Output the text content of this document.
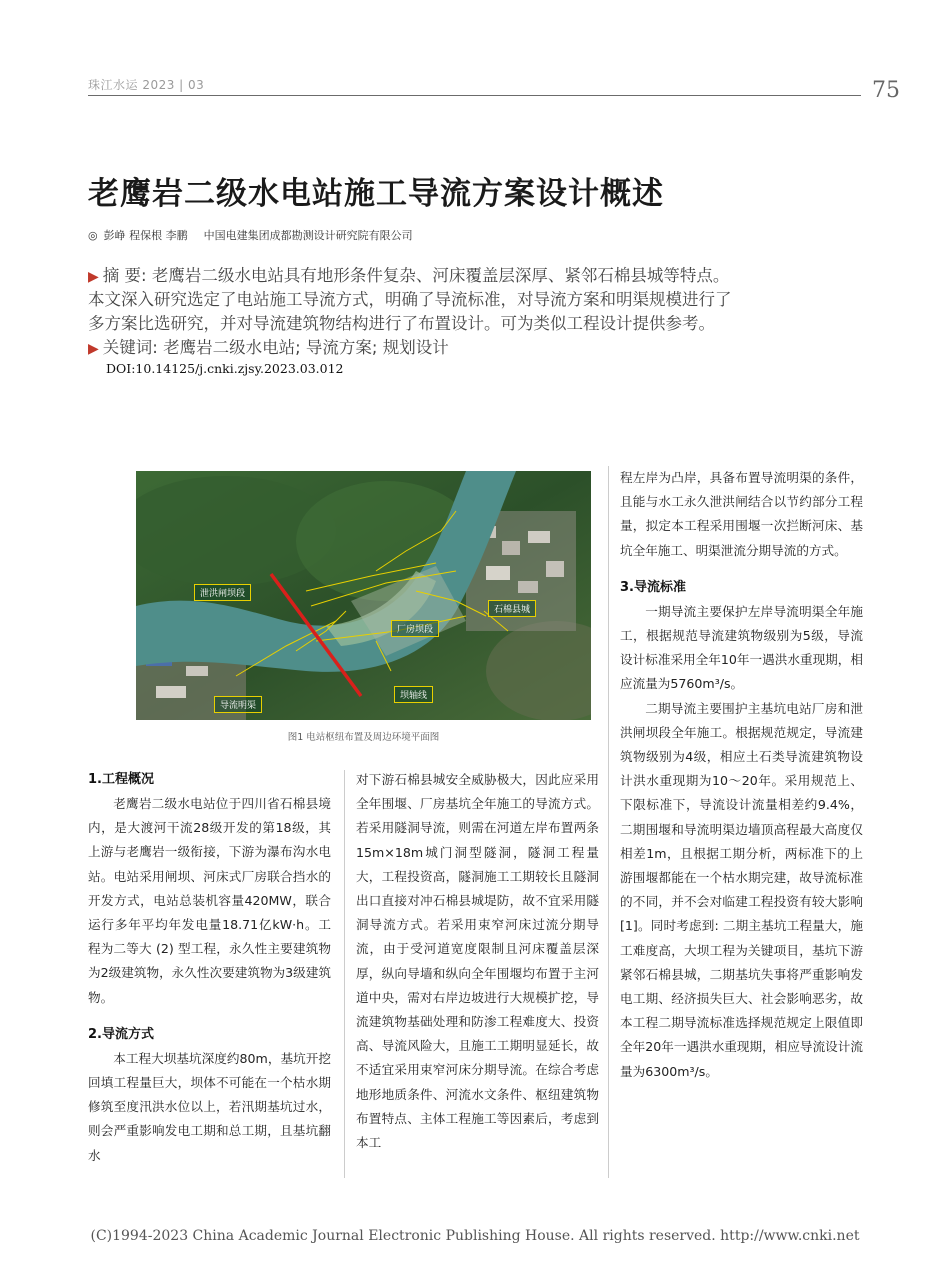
珠江水运 2023 | 03	75
老鹰岩二级水电站施工导流方案设计概述
◎ 彭峥 程保根 李鹏 中国电建集团成都勘测设计研究院有限公司
▶ 摘 要: 老鹰岩二级水电站具有地形条件复杂、河床覆盖层深厚、紧邻石棉县城等特点。
本文深入研究选定了电站施工导流方式，明确了导流标准，对导流方案和明渠规模进行了
多方案比选研究，并对导流建筑物结构进行了布置设计。可为类似工程设计提供参考。
▶ 关键词: 老鹰岩二级水电站; 导流方案; 规划设计
DOI:10.14125/j.cnki.zjsy.2023.03.012
泄洪闸坝段
石棉县城
厂房坝段
坝轴线
导流明渠
图1 电站枢纽布置及周边环境平面图
1.工程概况

老鹰岩二级水电站位于四川省石棉县境内，是大渡河干流28级开发的第18级，其上游与老鹰岩一级衔接，下游为瀑布沟水电站。电站采用闸坝、河床式厂房联合挡水的开发方式，电站总装机容量420MW，联合运行多年平均年发电量18.71亿kW·h。工程为二等大 (2) 型工程，永久性主要建筑物为2级建筑物，永久性次要建筑物为3级建筑物。

2.导流方式

本工程大坝基坑深度约80m，基坑开挖回填工程量巨大，坝体不可能在一个枯水期修筑至度汛洪水位以上，若汛期基坑过水，则会严重影响发电工期和总工期，且基坑翻水

对下游石棉县城安全威胁极大，因此应采用全年围堰、厂房基坑全年施工的导流方式。若采用隧洞导流，则需在河道左岸布置两条15m×18m城门洞型隧洞，隧洞工程量大，工程投资高，隧洞施工工期较长且隧洞出口直接对冲石棉县城堤防，故不宜采用隧洞导流方式。若采用束窄河床过流分期导流，由于受河道宽度限制且河床覆盖层深厚，纵向导墙和纵向全年围堰均布置于主河道中央，需对右岸边坡进行大规模扩挖，导流建筑物基础处理和防渗工程难度大、投资高、导流风险大，且施工工期明显延长，故不适宜采用束窄河床分期导流。在综合考虑地形地质条件、河流水文条件、枢纽建筑物布置特点、主体工程施工等因素后，考虑到本工

程左岸为凸岸，具备布置导流明渠的条件，且能与水工永久泄洪闸结合以节约部分工程量，拟定本工程采用围堰一次拦断河床、基坑全年施工、明渠泄流分期导流的方式。

3.导流标准

一期导流主要保护左岸导流明渠全年施工，根据规范导流建筑物级别为5级，导流设计标准采用全年10年一遇洪水重现期，相应流量为5760m³/s。

二期导流主要围护主基坑电站厂房和泄洪闸坝段全年施工。根据规范规定，导流建筑物级别为4级，相应土石类导流建筑物设计洪水重现期为10～20年。采用规范上、下限标准下，导流设计流量相差约9.4%，二期围堰和导流明渠边墙顶高程最大高度仅相差1m，且根据工期分析，两标准下的上游围堰都能在一个枯水期完建，故导流标准的不同，并不会对临建工程投资有较大影响[1]。同时考虑到: 二期主基坑工程量大，施工难度高，大坝工程为关键项目，基坑下游紧邻石棉县城，二期基坑失事将严重影响发电工期、经济损失巨大、社会影响恶劣，故本工程二期导流标准选择规范规定上限值即全年20年一遇洪水重现期，相应导流设计流量为6300m³/s。

(C)1994-2023 China Academic Journal Electronic Publishing House. All rights reserved. http://www.cnki.net
